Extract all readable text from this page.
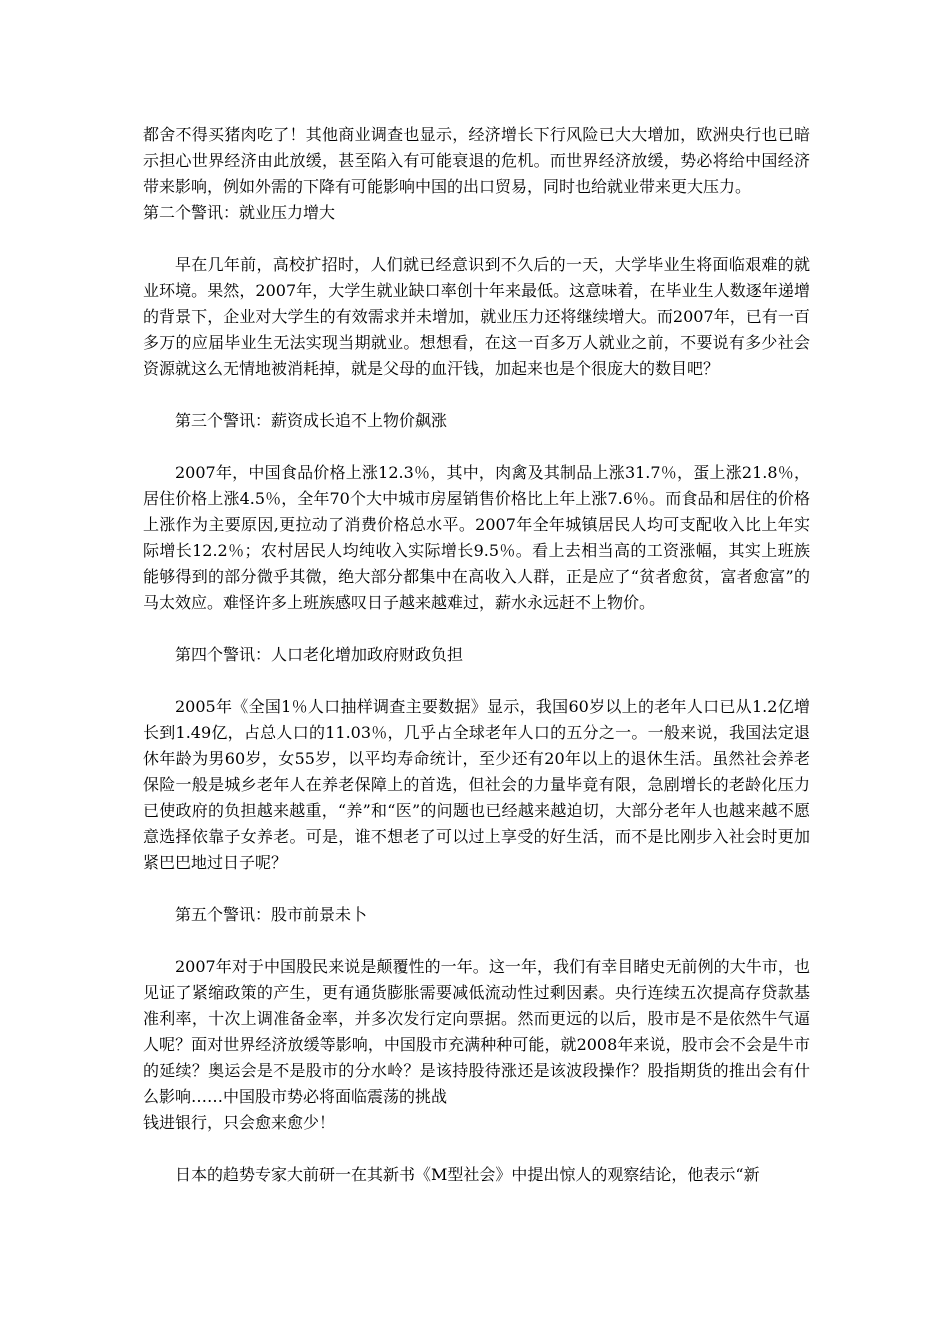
都舍不得买猪肉吃了！其他商业调查也显示，经济增长下行风险已大大增加，欧洲央行也已暗示担心世界经济由此放缓，甚至陷入有可能衰退的危机。而世界经济放缓，势必将给中国经济带来影响，例如外需的下降有可能影响中国的出口贸易，同时也给就业带来更大压力。

第二个警讯：就业压力增大

早在几年前，高校扩招时，人们就已经意识到不久后的一天，大学毕业生将面临艰难的就业环境。果然，2007年，大学生就业缺口率创十年来最低。这意味着，在毕业生人数逐年递增的背景下，企业对大学生的有效需求并未增加，就业压力还将继续增大。而2007年，已有一百多万的应届毕业生无法实现当期就业。想想看，在这一百多万人就业之前，不要说有多少社会资源就这么无情地被消耗掉，就是父母的血汗钱，加起来也是个很庞大的数目吧？

第三个警讯：薪资成长追不上物价飙涨

2007年，中国食品价格上涨12.3％，其中，肉禽及其制品上涨31.7％，蛋上涨21.8％，居住价格上涨4.5％，全年70个大中城市房屋销售价格比上年上涨7.6％。而食品和居住的价格上涨作为主要原因,更拉动了消费价格总水平。2007年全年城镇居民人均可支配收入比上年实际增长12.2％；农村居民人均纯收入实际增长9.5％。看上去相当高的工资涨幅，其实上班族能够得到的部分微乎其微，绝大部分都集中在高收入人群，正是应了“贫者愈贫，富者愈富”的马太效应。难怪许多上班族感叹日子越来越难过，薪水永远赶不上物价。

第四个警讯：人口老化增加政府财政负担

2005年《全国1％人口抽样调查主要数据》显示，我国60岁以上的老年人口已从1.2亿增长到1.49亿，占总人口的11.03％，几乎占全球老年人口的五分之一。一般来说，我国法定退休年龄为男60岁，女55岁，以平均寿命统计，至少还有20年以上的退休生活。虽然社会养老保险一般是城乡老年人在养老保障上的首选，但社会的力量毕竟有限，急剧增长的老龄化压力已使政府的负担越来越重，“养”和“医”的问题也已经越来越迫切，大部分老年人也越来越不愿意选择依靠子女养老。可是，谁不想老了可以过上享受的好生活，而不是比刚步入社会时更加紧巴巴地过日子呢？

第五个警讯：股市前景未卜

2007年对于中国股民来说是颠覆性的一年。这一年，我们有幸目睹史无前例的大牛市，也见证了紧缩政策的产生，更有通货膨胀需要减低流动性过剩因素。央行连续五次提高存贷款基准利率，十次上调准备金率，并多次发行定向票据。然而更远的以后，股市是不是依然牛气逼人呢？面对世界经济放缓等影响，中国股市充满种种可能，就2008年来说，股市会不会是牛市的延续？奥运会是不是股市的分水岭？是该持股待涨还是该波段操作？股指期货的推出会有什么影响……中国股市势必将面临震荡的挑战

钱进银行，只会愈来愈少！

日本的趋势专家大前研一在其新书《M型社会》中提出惊人的观察结论，他表示“新
